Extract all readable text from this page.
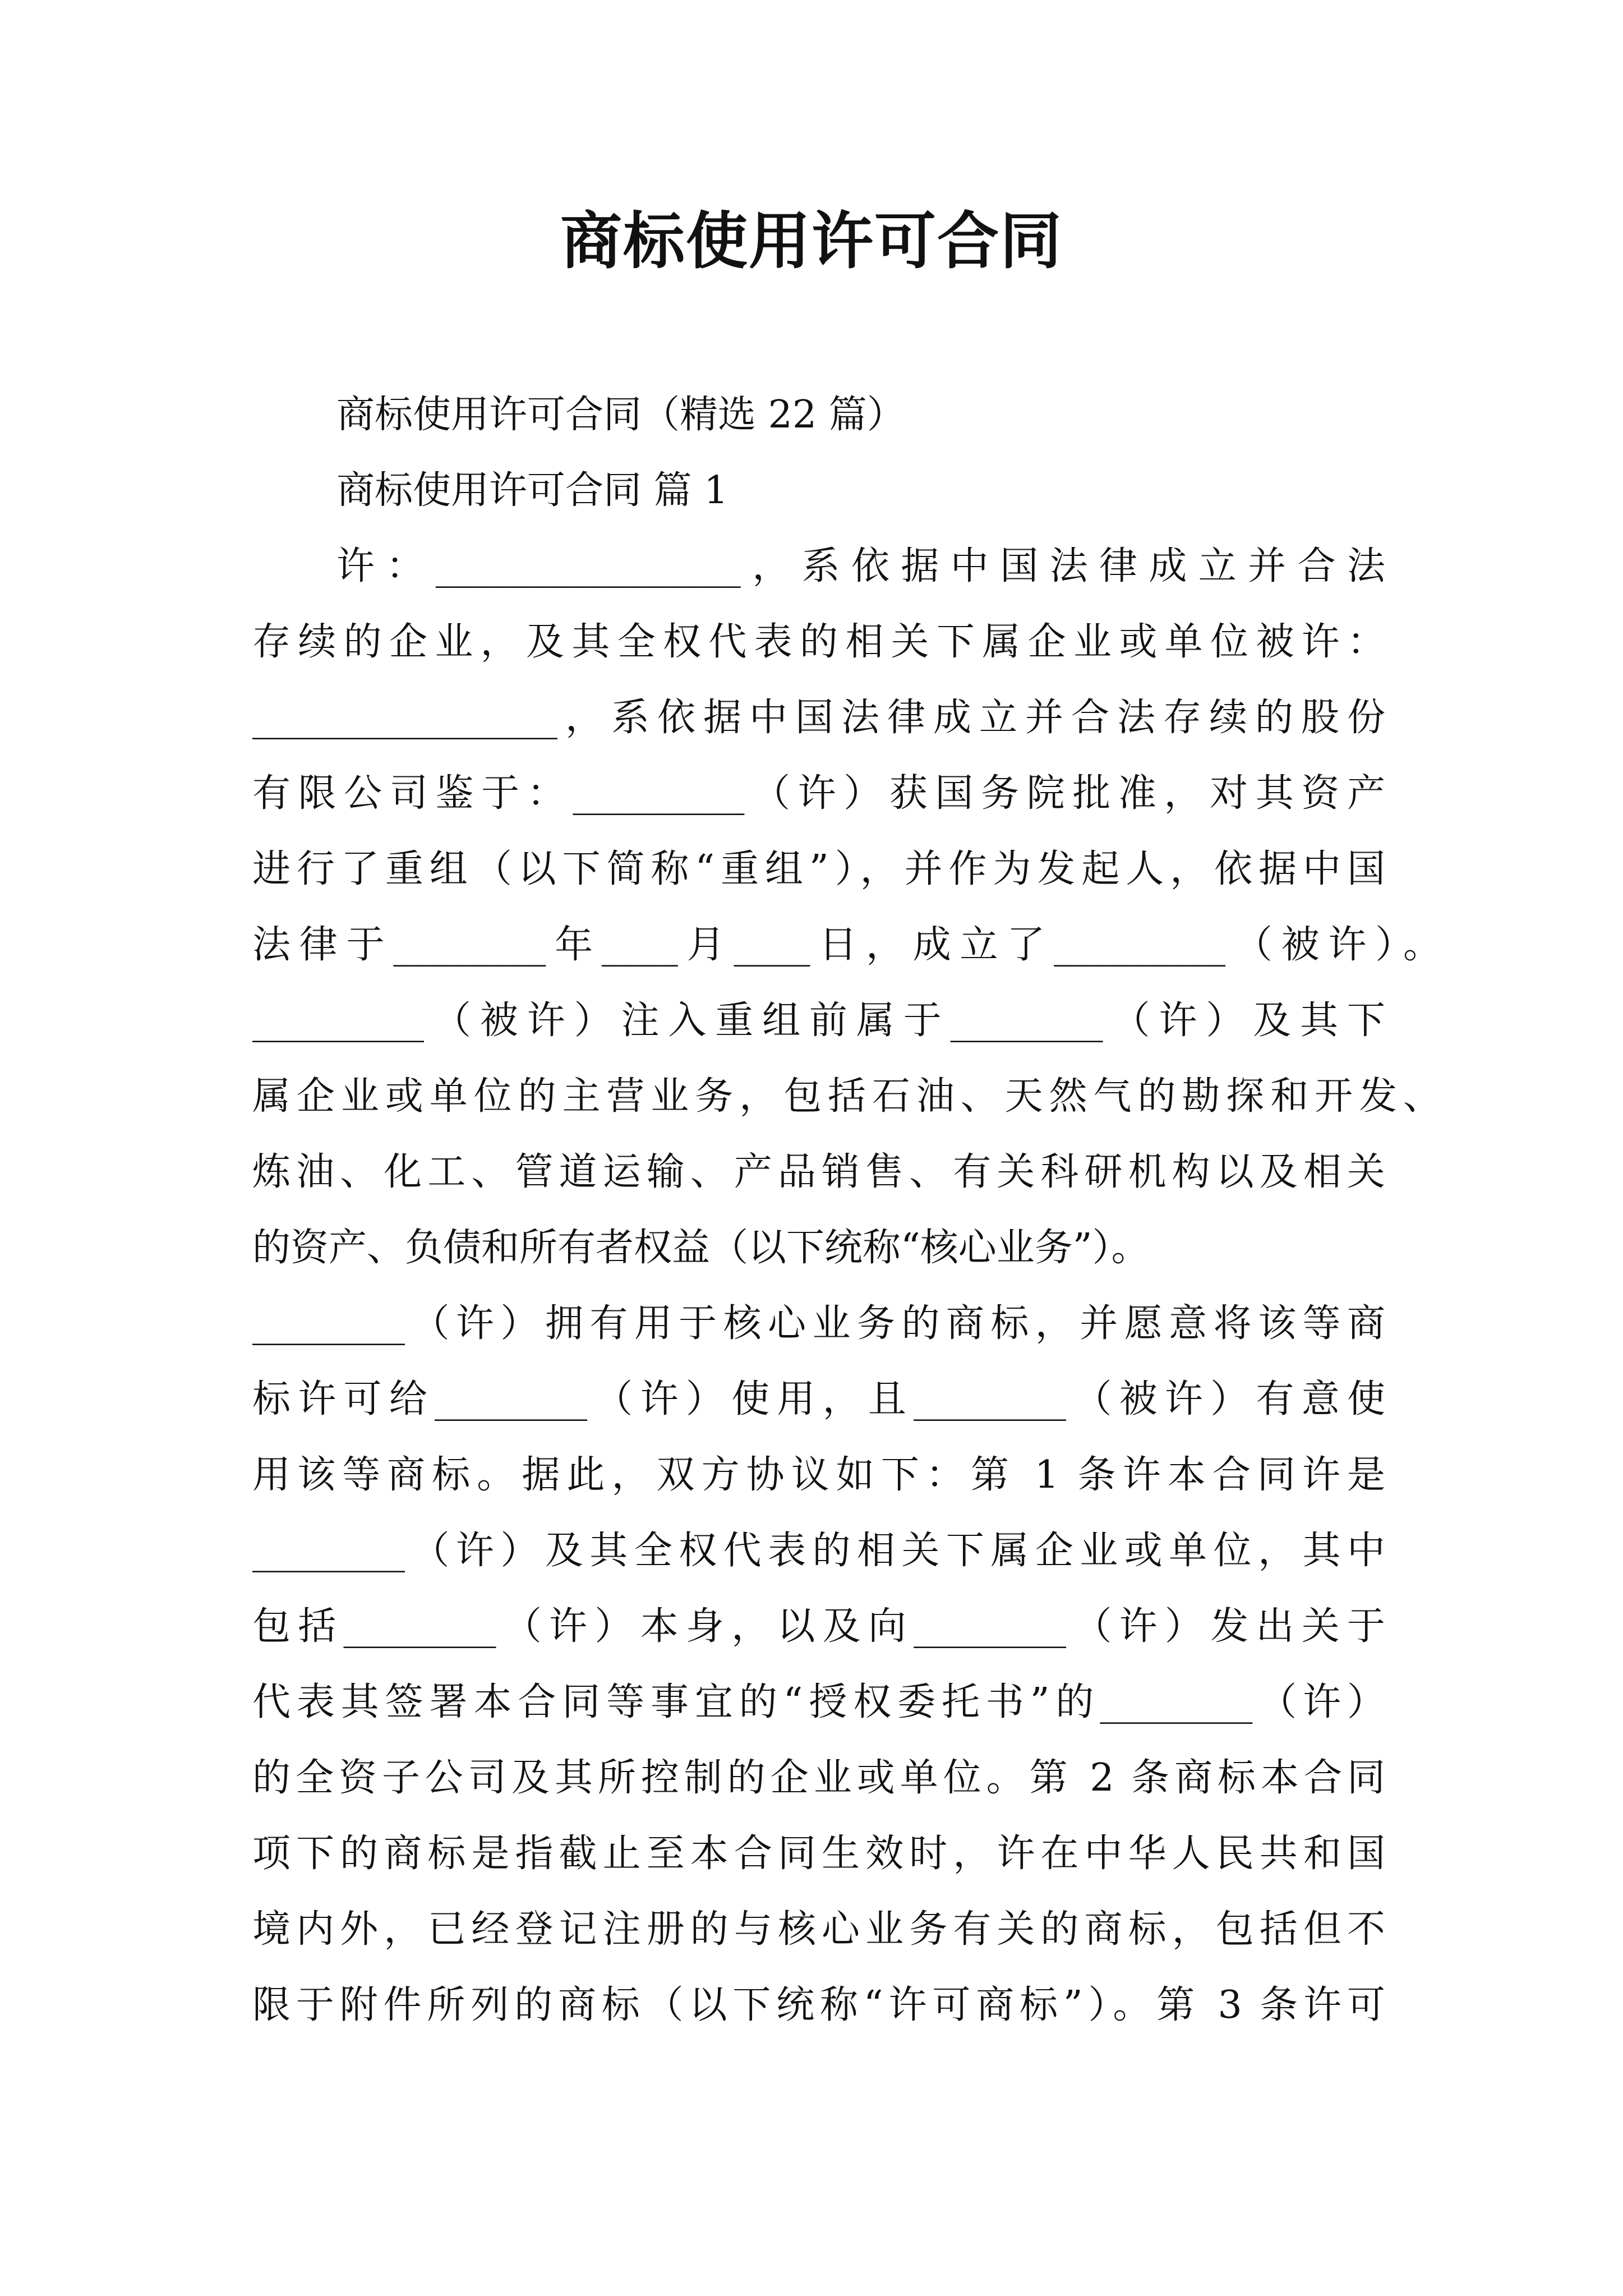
商标使用许可合同
商标使用许可合同（精选 22 篇）
商标使用许可合同 篇 1
许：________________，系依据中国法律成立并合法
存续的企业，及其全权代表的相关下属企业或单位被许：
________________，系依据中国法律成立并合法存续的股份
有限公司鉴于：_________（许）获国务院批准，对其资产
进行了重组（以下简称“重组”），并作为发起人，依据中国
法律于________年____月____日，成立了_________（被许）。
_________（被许）注入重组前属于________（许）及其下
属企业或单位的主营业务，包括石油、天然气的勘探和开发、
炼油、化工、管道运输、产品销售、有关科研机构以及相关
的资产、负债和所有者权益（以下统称“核心业务”）。
________（许）拥有用于核心业务的商标，并愿意将该等商
标许可给________（许）使用，且________（被许）有意使
用该等商标。据此，双方协议如下：第 1 条许本合同许是
________（许）及其全权代表的相关下属企业或单位，其中
包括________（许）本身，以及向________（许）发出关于
代表其签署本合同等事宜的“授权委托书”的________（许）
的全资子公司及其所控制的企业或单位。第 2 条商标本合同
项下的商标是指截止至本合同生效时，许在中华人民共和国
境内外，已经登记注册的与核心业务有关的商标，包括但不
限于附件所列的商标（以下统称“许可商标”）。第 3 条许可
